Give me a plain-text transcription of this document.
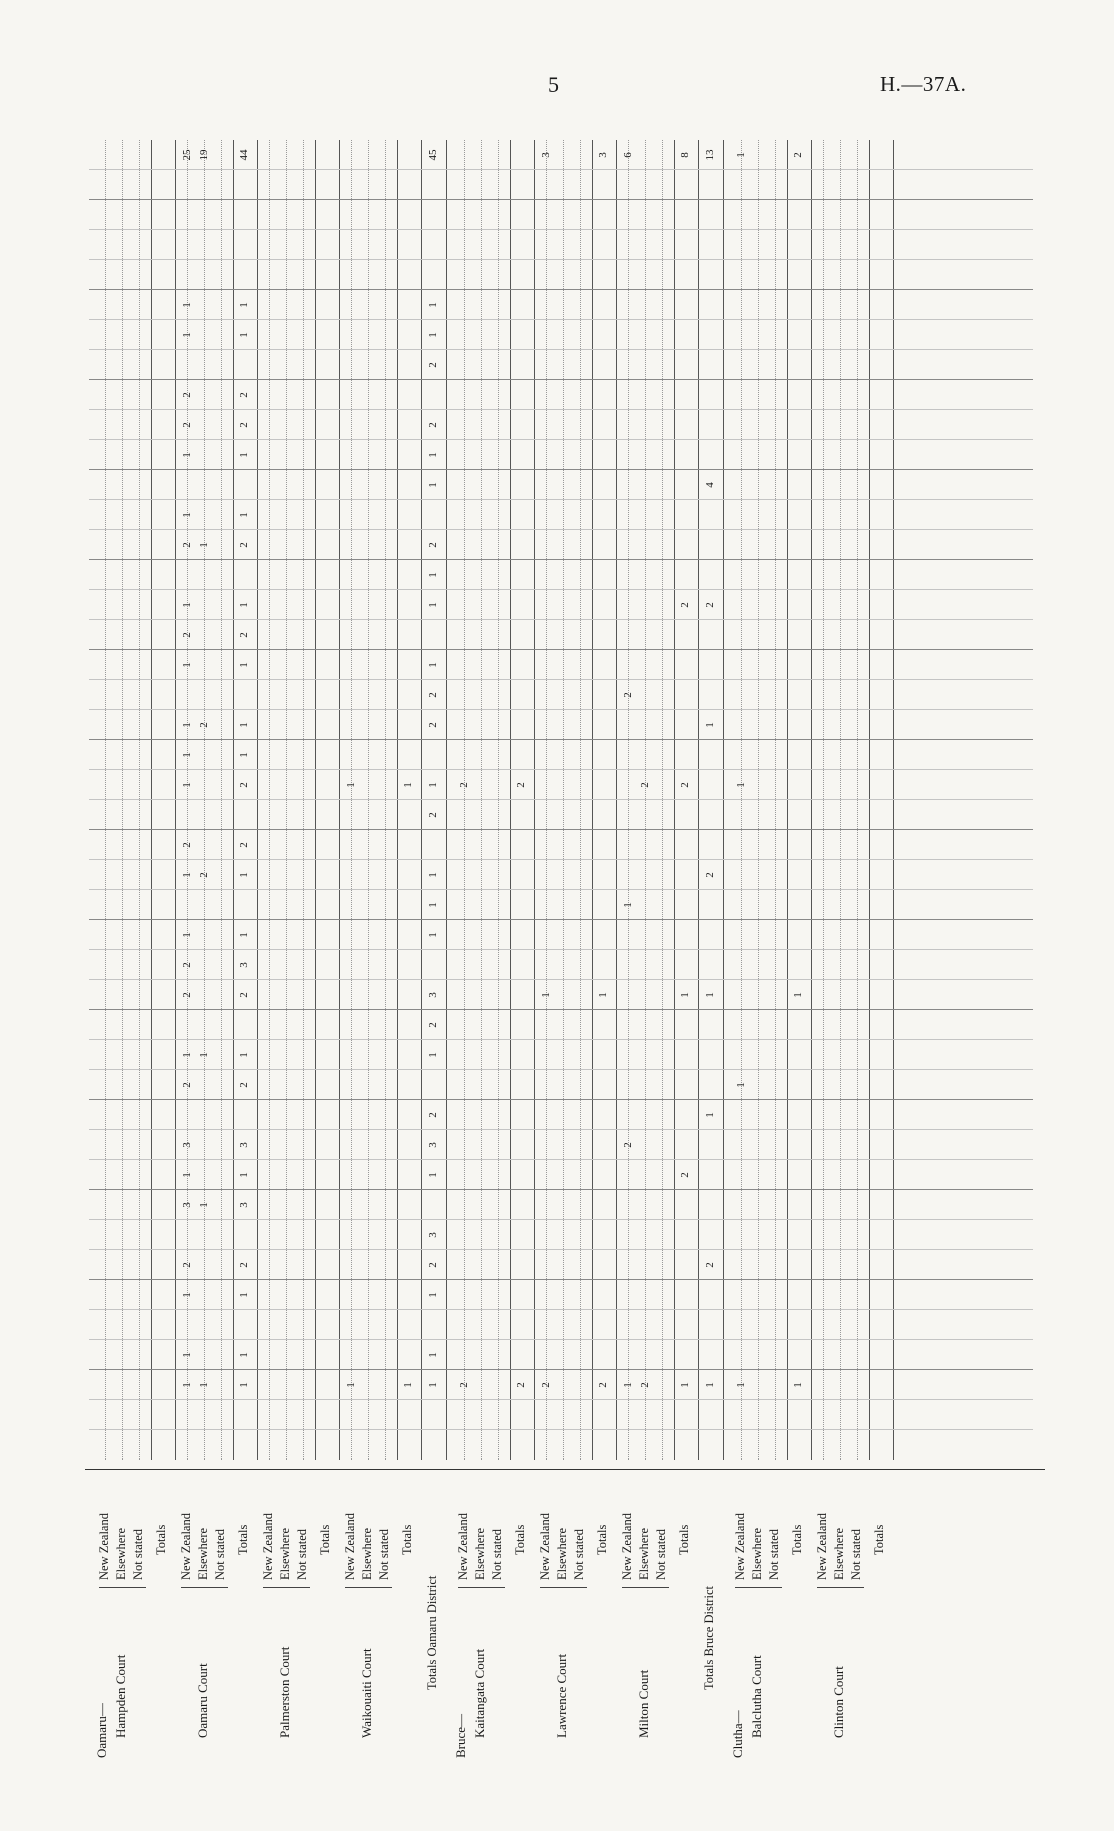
5	H.—37A.
Oamaru— Hampden Court
New Zealand Elsewhere Not stated Totals
Oamaru Court
New Zealand Elsewhere Not stated Totals
Palmerston Court
New Zealand Elsewhere Not stated Totals
Waikouaiti Court
New Zealand Elsewhere Not stated Totals
Totals Oamaru District
Bruce— Kaitangata Court
New Zealand Elsewhere Not stated Totals
Lawrence Court
New Zealand Elsewhere Not stated Totals
Milton Court
New Zealand Elsewhere Not stated Totals
Totals Bruce District
Clutha— Balclutha Court
New Zealand Elsewhere Not stated Totals
Clinton Court
New Zealand Elsewhere Not stated Totals
1
1
1
2
3
1
3
2
1
2
2
1
1
2
1
1
1
1
2
1
2
1
1
2
2
1
1
25
1
1
1
2
2
1
19
1
1
1
2
3
1
3
2
1
2
3
1
1
2
2
1
1
1
2
1
2
1
1
2
2
1
1
44
1
1
1
1
1
1
1
2
3
1
3
2
1
2
3
1
1
1
2
1
2
2
1
1
1
2
1
1
2
2
1
1
45
2
2
2
2
2
1
3
2
1
3
1
2
1
2
6
2
2
1
2
1
2
2
8
1
2
1
1
2
1
2
4
13
1
1
1
1
1
1
2
